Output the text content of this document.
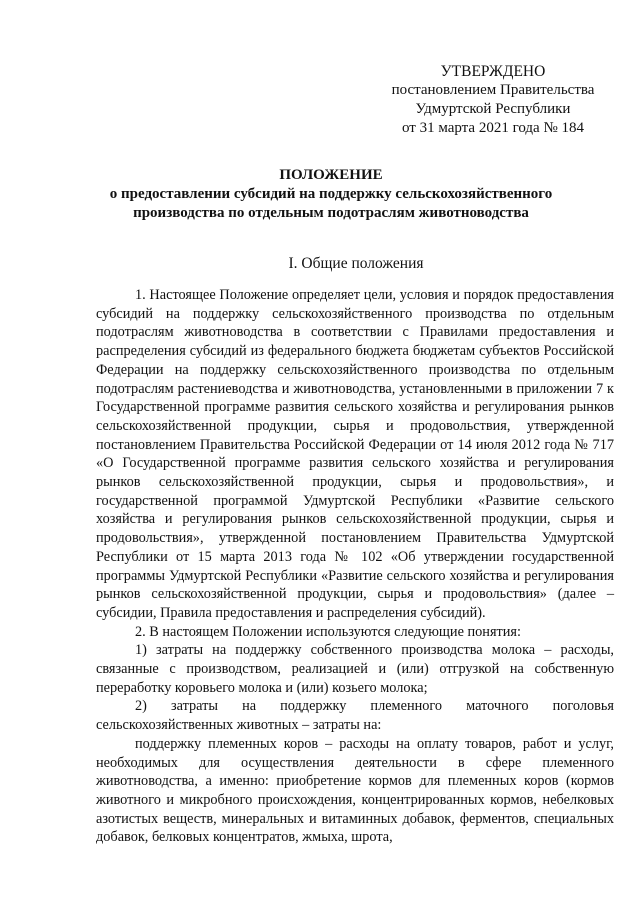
УТВЕРЖДЕНО
постановлением Правительства
Удмуртской Республики
от 31 марта 2021 года № 184
ПОЛОЖЕНИЕ
о предоставлении субсидий на поддержку сельскохозяйственного
производства по отдельным подотраслям животноводства
I. Общие положения

1. Настоящее Положение определяет цели, условия и порядок предоставления субсидий на поддержку сельскохозяйственного производства по отдельным подотраслям животноводства в соответствии с Правилами предоставления и распределения субсидий из федерального бюджета бюджетам субъектов Российской Федерации на поддержку сельскохозяйственного производства по отдельным подотраслям растениеводства и животноводства, установленными в приложении 7 к Государственной программе развития сельского хозяйства и регулирования рынков сельскохозяйственной продукции, сырья и продовольствия, утвержденной постановлением Правительства Российской Федерации от 14 июля 2012 года № 717 «О Государственной программе развития сельского хозяйства и регулирования рынков сельскохозяйственной продукции, сырья и продовольствия», и государственной программой Удмуртской Республики «Развитие сельского хозяйства и регулирования рынков сельскохозяйственной продукции, сырья и продовольствия», утвержденной постановлением Правительства Удмуртской Республики от 15 марта 2013 года № 102 «Об утверждении государственной программы Удмуртской Республики «Развитие сельского хозяйства и регулирования рынков сельскохозяйственной продукции, сырья и продовольствия» (далее – субсидии, Правила предоставления и распределения субсидий).

2. В настоящем Положении используются следующие понятия:

1) затраты на поддержку собственного производства молока – расходы, связанные с производством, реализацией и (или) отгрузкой на собственную переработку коровьего молока и (или) козьего молока;

2) затраты на поддержку племенного маточного поголовья сельскохозяйственных животных – затраты на:

поддержку племенных коров – расходы на оплату товаров, работ и услуг, необходимых для осуществления деятельности в сфере племенного животноводства, а именно: приобретение кормов для племенных коров (кормов животного и микробного происхождения, концентрированных кормов, небелковых азотистых веществ, минеральных и витаминных добавок, ферментов, специальных добавок, белковых концентратов, жмыха, шрота,
